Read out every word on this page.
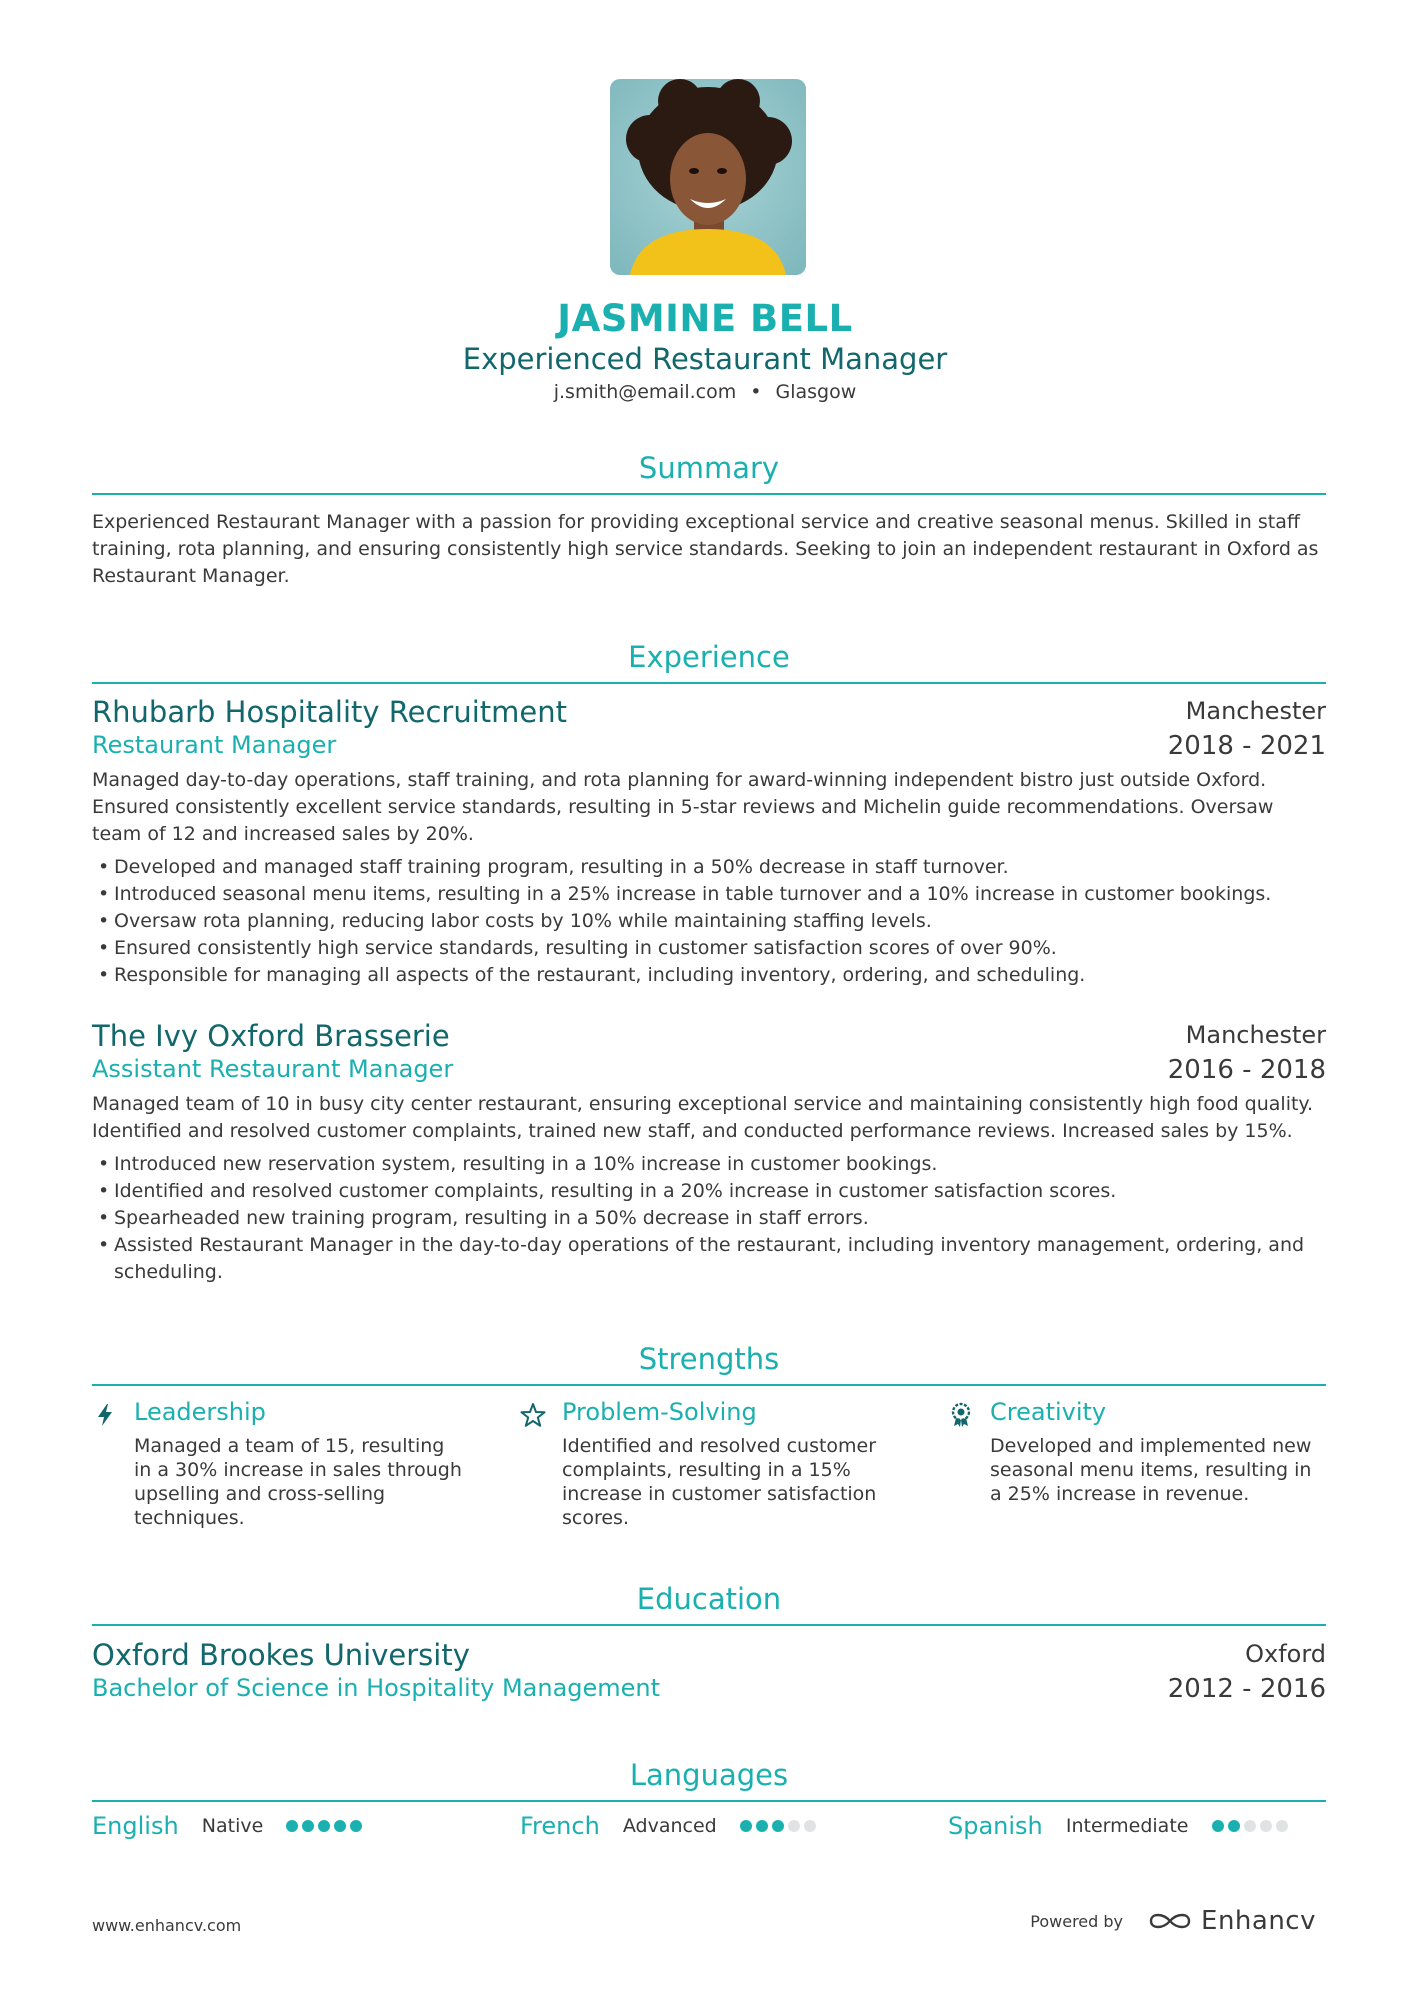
JASMINE BELL
Experienced Restaurant Manager
j.smith@email.com • Glasgow
Summary
Experienced Restaurant Manager with a passion for providing exceptional service and creative seasonal menus. Skilled in staff training, rota planning, and ensuring consistently high service standards. Seeking to join an independent restaurant in Oxford as Restaurant Manager.
Experience
Rhubarb Hospitality Recruitment	Manchester
Restaurant Manager	2018 - 2021
Managed day-to-day operations, staff training, and rota planning for award-winning independent bistro just outside Oxford. Ensured consistently excellent service standards, resulting in 5-star reviews and Michelin guide recommendations. Oversaw team of 12 and increased sales by 20%.
• Developed and managed staff training program, resulting in a 50% decrease in staff turnover.
• Introduced seasonal menu items, resulting in a 25% increase in table turnover and a 10% increase in customer bookings.
• Oversaw rota planning, reducing labor costs by 10% while maintaining staffing levels.
• Ensured consistently high service standards, resulting in customer satisfaction scores of over 90%.
• Responsible for managing all aspects of the restaurant, including inventory, ordering, and scheduling.
The Ivy Oxford Brasserie	Manchester
Assistant Restaurant Manager	2016 - 2018
Managed team of 10 in busy city center restaurant, ensuring exceptional service and maintaining consistently high food quality. Identified and resolved customer complaints, trained new staff, and conducted performance reviews. Increased sales by 15%.
• Introduced new reservation system, resulting in a 10% increase in customer bookings.
• Identified and resolved customer complaints, resulting in a 20% increase in customer satisfaction scores.
• Spearheaded new training program, resulting in a 50% decrease in staff errors.
• Assisted Restaurant Manager in the day-to-day operations of the restaurant, including inventory management, ordering, and scheduling.
Strengths
Leadership
Managed a team of 15, resulting in a 30% increase in sales through upselling and cross-selling techniques.
Problem-Solving
Identified and resolved customer complaints, resulting in a 15% increase in customer satisfaction scores.
Creativity
Developed and implemented new seasonal menu items, resulting in a 25% increase in revenue.
Education
Oxford Brookes University	Oxford
Bachelor of Science in Hospitality Management	2012 - 2016
Languages
English Native	French Advanced	Spanish Intermediate
www.enhancv.com	Powered by	Enhancv
